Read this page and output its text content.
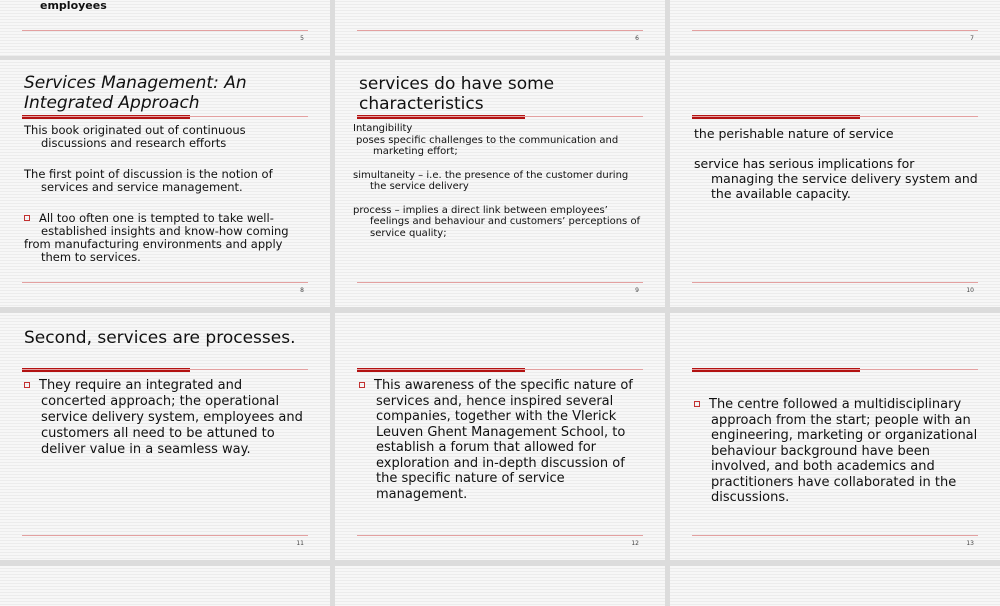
employees
5	6	7
Services Management: An Integrated Approach

This book originated out of continuous discussions and research efforts

The first point of discussion is the notion of services and service management.

All too often one is tempted to take well-established insights and know-how coming

from manufacturing environments and apply them to services.

8
services do have some characteristics

Intangibility

poses specific challenges to the communication and marketing effort;

simultaneity – i.e. the presence of the customer during the service delivery

process – implies a direct link between employees’ feelings and behaviour and customers’ perceptions of service quality;

9

the perishable nature of service

service has serious implications for managing the service delivery system and the available capacity.

10
Second, services are processes.

They require an integrated and concerted approach; the operational service delivery system, employees and customers all need to be attuned to deliver value in a seamless way.

11

This awareness of the specific nature of services and, hence inspired several companies, together with the Vlerick Leuven Ghent Management School, to establish a forum that allowed for exploration and in-depth discussion of the specific nature of service management.

12

The centre followed a multidisciplinary approach from the start; people with an engineering, marketing or organizational behaviour background have been involved, and both academics and practitioners have collaborated in the discussions.

13
